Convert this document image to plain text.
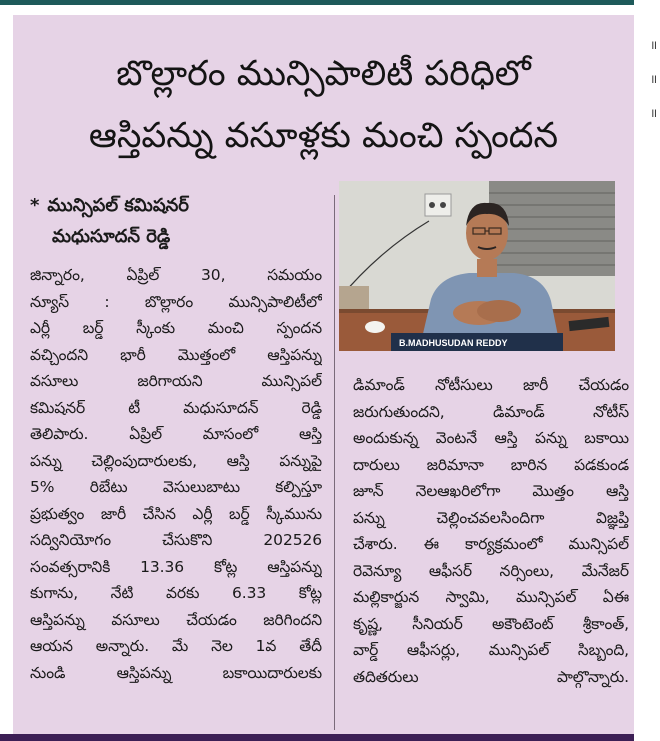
బొల్లారం మున్సిపాలిటీ పరిధిలో
ఆస్తిపన్ను వసూళ్లకు మంచి స్పందన
* మున్సిపల్ కమిషనర్
మధుసూదన్ రెడ్డి
జిన్నారం, ఏప్రిల్ 30, సమయం
న్యూస్ : బొల్లారం మున్సిపాలిటీలో
ఎర్లీ బర్డ్ స్కీంకు మంచి స్పందన
వచ్చిందని భారీ మొత్తంలో ఆస్తిపన్ను
వసూలు జరిగాయని మున్సిపల్
కమిషనర్ టీ మధుసూదన్ రెడ్డి
తెలిపారు. ఏప్రిల్ మాసంలో ఆస్తి
పన్ను చెల్లింపుదారులకు, ఆస్తి పన్నుపై
5% రిబేటు వెసులుబాటు కల్పిస్తూ
ప్రభుత్వం జారీ చేసిన ఎర్లీ బర్డ్ స్కీమును
సద్వినియోగం చేసుకొని 202526
సంవత్సరానికి 13.36 కోట్ల ఆస్తిపన్ను
కుగాను, నేటి వరకు 6.33 కోట్ల
ఆస్తిపన్ను వసూలు చేయడం జరిగిందని
ఆయన అన్నారు. మే నెల 1వ తేదీ
నుండి ఆస్తిపన్ను బకాయిదారులకు
డిమాండ్ నోటీసులు జారీ చేయడం
జరుగుతుందని, డిమాండ్ నోటీస్
అందుకున్న వెంటనే ఆస్తి పన్ను బకాయి
దారులు జరిమానా బారిన పడకుండ
జూన్ నెలఆఖరిలోగా మొత్తం ఆస్తి
పన్ను చెల్లించవలసిందిగా విజ్ఞప్తి
చేశారు. ఈ కార్యక్రమంలో మున్సిపల్
రెవెన్యూ ఆఫీసర్ నర్సింలు, మేనేజర్
మల్లికార్జున స్వామి, మున్సిపల్ ఏఈ
కృష్ణ, సీనియర్ అకౌంటెంట్ శ్రీకాంత్,
వార్డ్ ఆఫీసర్లు, మున్సిపల్ సిబ్బంది,
తదితరులు పాల్గొన్నారు.
B.MADHUSUDAN REDDY
॥
॥
॥
